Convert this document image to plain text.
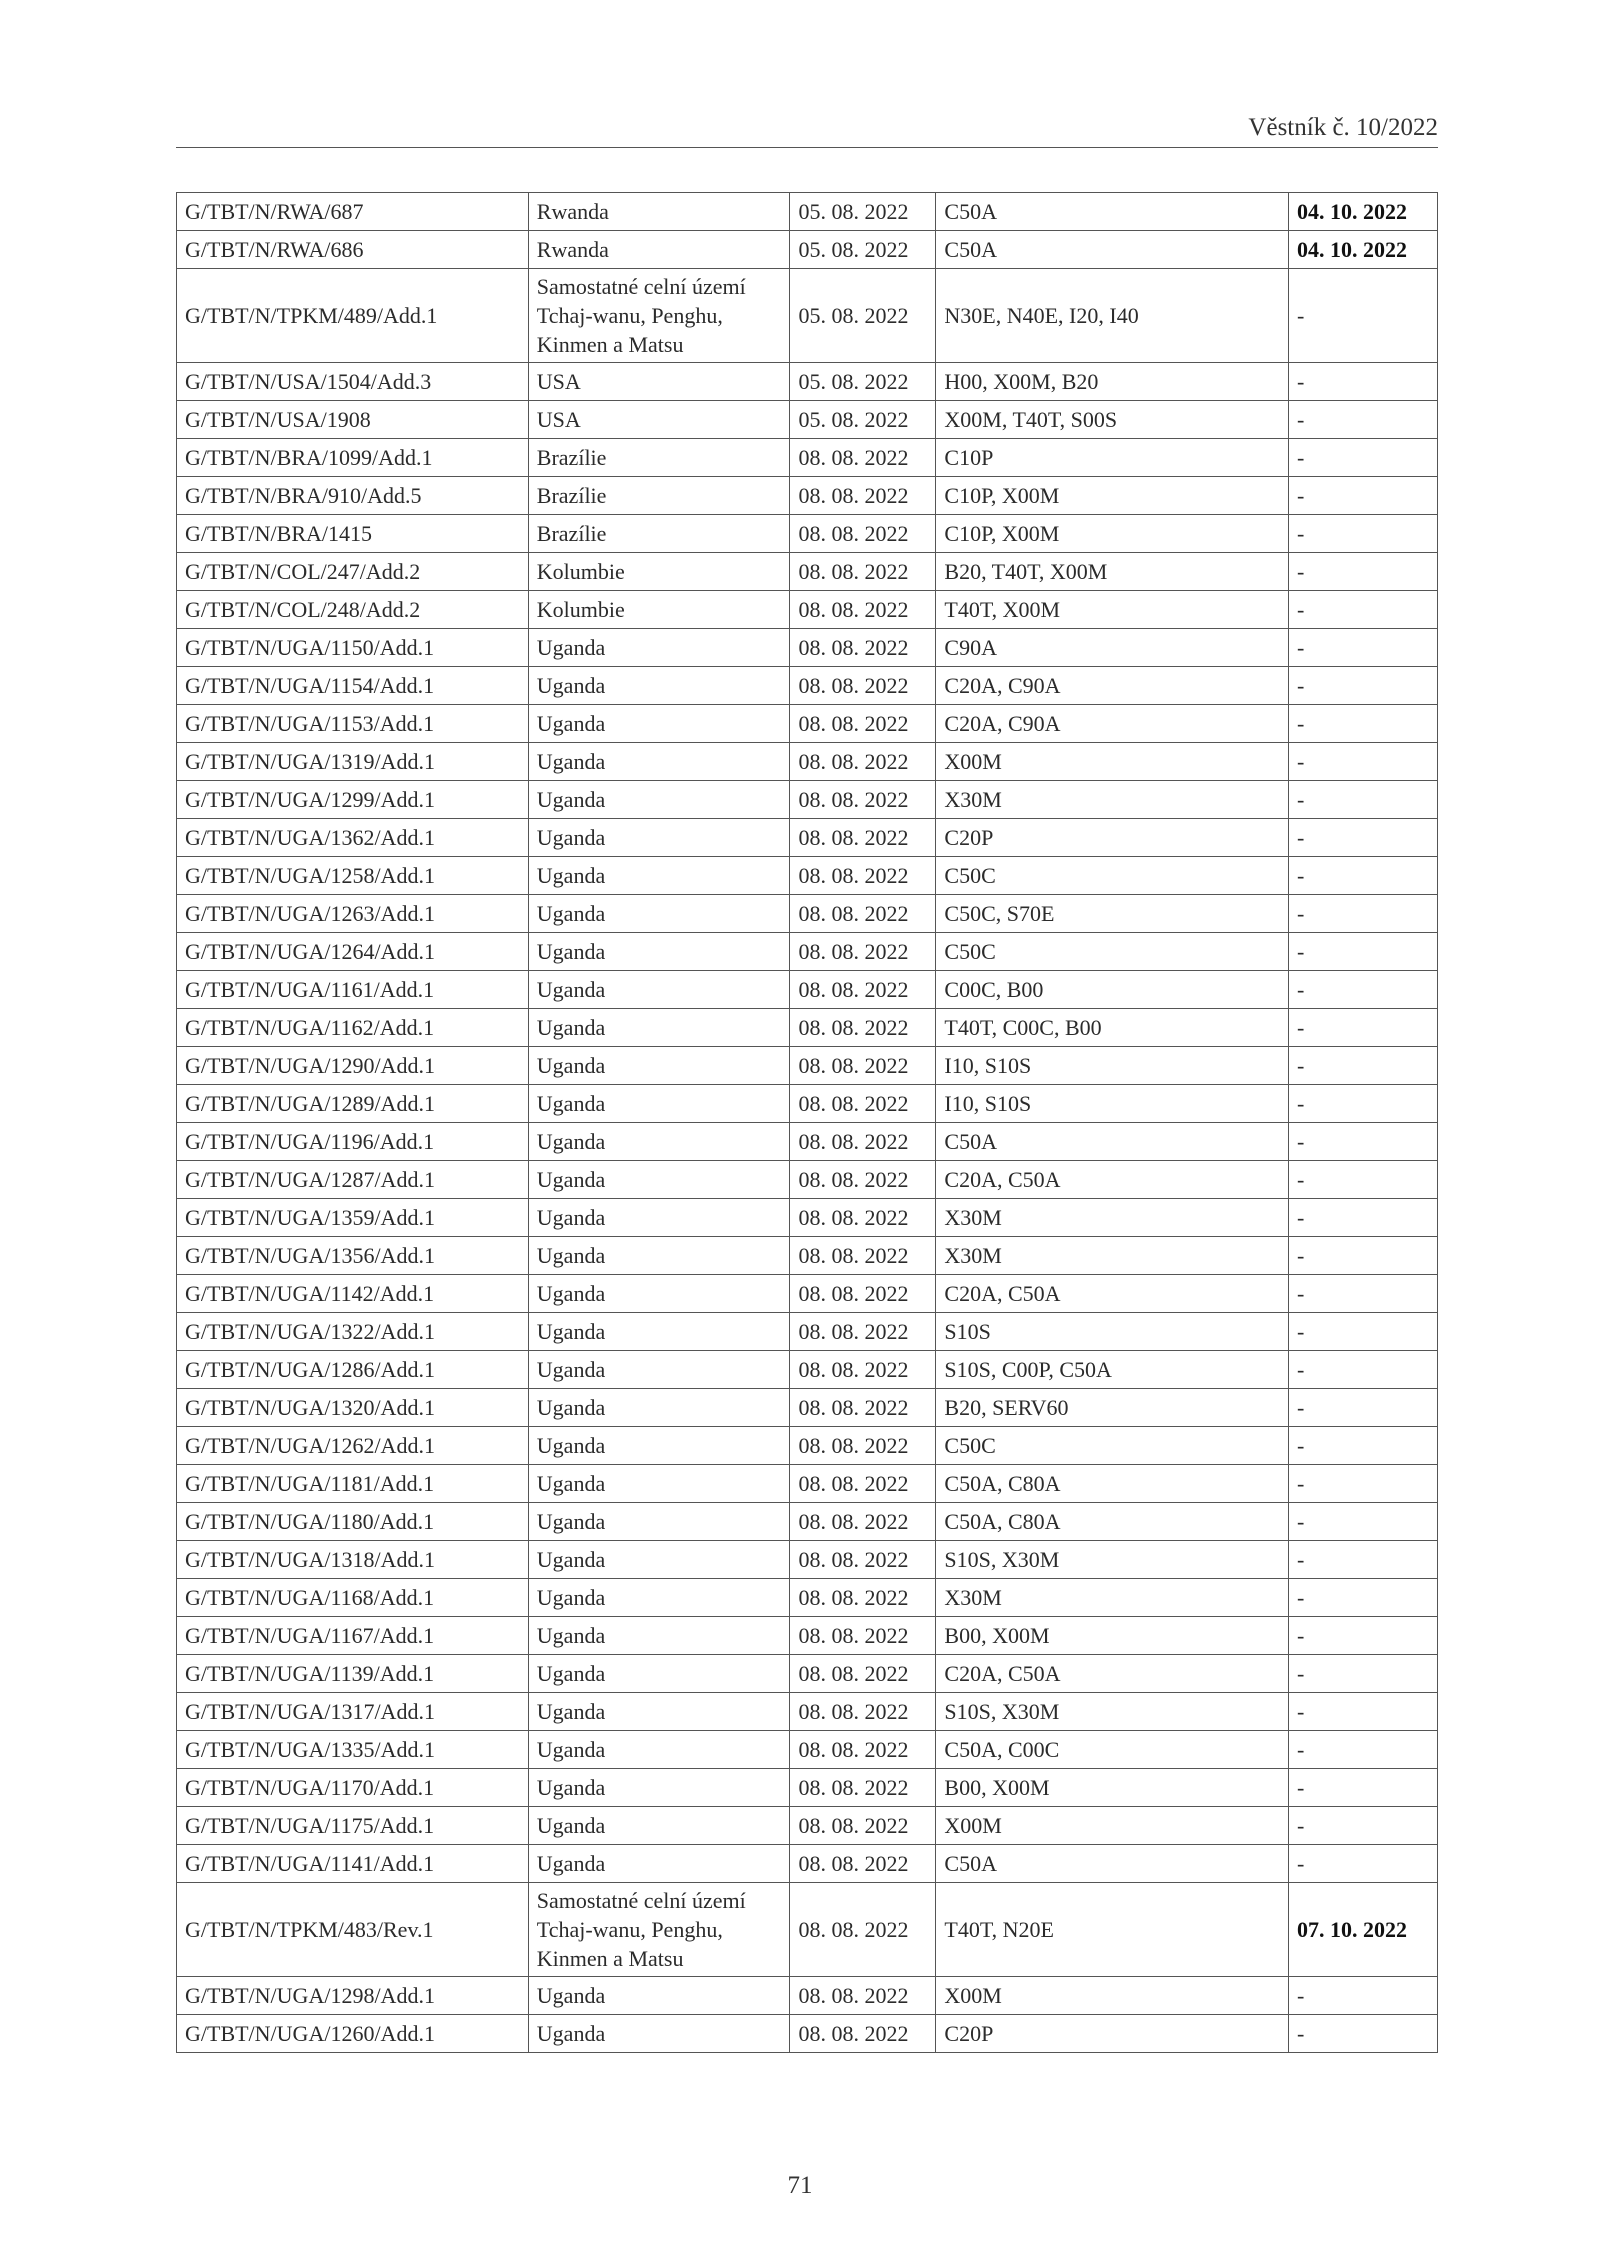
Věstník č. 10/2022
G/TBT/N/RWA/687	Rwanda	05. 08. 2022	C50A	04. 10. 2022
G/TBT/N/RWA/686	Rwanda	05. 08. 2022	C50A	04. 10. 2022
G/TBT/N/TPKM/489/Add.1	Samostatné celní území Tchaj-wanu, Penghu, Kinmen a Matsu	05. 08. 2022	N30E, N40E, I20, I40	-
G/TBT/N/USA/1504/Add.3	USA	05. 08. 2022	H00, X00M, B20	-
G/TBT/N/USA/1908	USA	05. 08. 2022	X00M, T40T, S00S	-
G/TBT/N/BRA/1099/Add.1	Brazílie	08. 08. 2022	C10P	-
G/TBT/N/BRA/910/Add.5	Brazílie	08. 08. 2022	C10P, X00M	-
G/TBT/N/BRA/1415	Brazílie	08. 08. 2022	C10P, X00M	-
G/TBT/N/COL/247/Add.2	Kolumbie	08. 08. 2022	B20, T40T, X00M	-
G/TBT/N/COL/248/Add.2	Kolumbie	08. 08. 2022	T40T, X00M	-
G/TBT/N/UGA/1150/Add.1	Uganda	08. 08. 2022	C90A	-
G/TBT/N/UGA/1154/Add.1	Uganda	08. 08. 2022	C20A, C90A	-
G/TBT/N/UGA/1153/Add.1	Uganda	08. 08. 2022	C20A, C90A	-
G/TBT/N/UGA/1319/Add.1	Uganda	08. 08. 2022	X00M	-
G/TBT/N/UGA/1299/Add.1	Uganda	08. 08. 2022	X30M	-
G/TBT/N/UGA/1362/Add.1	Uganda	08. 08. 2022	C20P	-
G/TBT/N/UGA/1258/Add.1	Uganda	08. 08. 2022	C50C	-
G/TBT/N/UGA/1263/Add.1	Uganda	08. 08. 2022	C50C, S70E	-
G/TBT/N/UGA/1264/Add.1	Uganda	08. 08. 2022	C50C	-
G/TBT/N/UGA/1161/Add.1	Uganda	08. 08. 2022	C00C, B00	-
G/TBT/N/UGA/1162/Add.1	Uganda	08. 08. 2022	T40T, C00C, B00	-
G/TBT/N/UGA/1290/Add.1	Uganda	08. 08. 2022	I10, S10S	-
G/TBT/N/UGA/1289/Add.1	Uganda	08. 08. 2022	I10, S10S	-
G/TBT/N/UGA/1196/Add.1	Uganda	08. 08. 2022	C50A	-
G/TBT/N/UGA/1287/Add.1	Uganda	08. 08. 2022	C20A, C50A	-
G/TBT/N/UGA/1359/Add.1	Uganda	08. 08. 2022	X30M	-
G/TBT/N/UGA/1356/Add.1	Uganda	08. 08. 2022	X30M	-
G/TBT/N/UGA/1142/Add.1	Uganda	08. 08. 2022	C20A, C50A	-
G/TBT/N/UGA/1322/Add.1	Uganda	08. 08. 2022	S10S	-
G/TBT/N/UGA/1286/Add.1	Uganda	08. 08. 2022	S10S, C00P, C50A	-
G/TBT/N/UGA/1320/Add.1	Uganda	08. 08. 2022	B20, SERV60	-
G/TBT/N/UGA/1262/Add.1	Uganda	08. 08. 2022	C50C	-
G/TBT/N/UGA/1181/Add.1	Uganda	08. 08. 2022	C50A, C80A	-
G/TBT/N/UGA/1180/Add.1	Uganda	08. 08. 2022	C50A, C80A	-
G/TBT/N/UGA/1318/Add.1	Uganda	08. 08. 2022	S10S, X30M	-
G/TBT/N/UGA/1168/Add.1	Uganda	08. 08. 2022	X30M	-
G/TBT/N/UGA/1167/Add.1	Uganda	08. 08. 2022	B00, X00M	-
G/TBT/N/UGA/1139/Add.1	Uganda	08. 08. 2022	C20A, C50A	-
G/TBT/N/UGA/1317/Add.1	Uganda	08. 08. 2022	S10S, X30M	-
G/TBT/N/UGA/1335/Add.1	Uganda	08. 08. 2022	C50A, C00C	-
G/TBT/N/UGA/1170/Add.1	Uganda	08. 08. 2022	B00, X00M	-
G/TBT/N/UGA/1175/Add.1	Uganda	08. 08. 2022	X00M	-
G/TBT/N/UGA/1141/Add.1	Uganda	08. 08. 2022	C50A	-
G/TBT/N/TPKM/483/Rev.1	Samostatné celní území Tchaj-wanu, Penghu, Kinmen a Matsu	08. 08. 2022	T40T, N20E	07. 10. 2022
G/TBT/N/UGA/1298/Add.1	Uganda	08. 08. 2022	X00M	-
G/TBT/N/UGA/1260/Add.1	Uganda	08. 08. 2022	C20P	-
71
